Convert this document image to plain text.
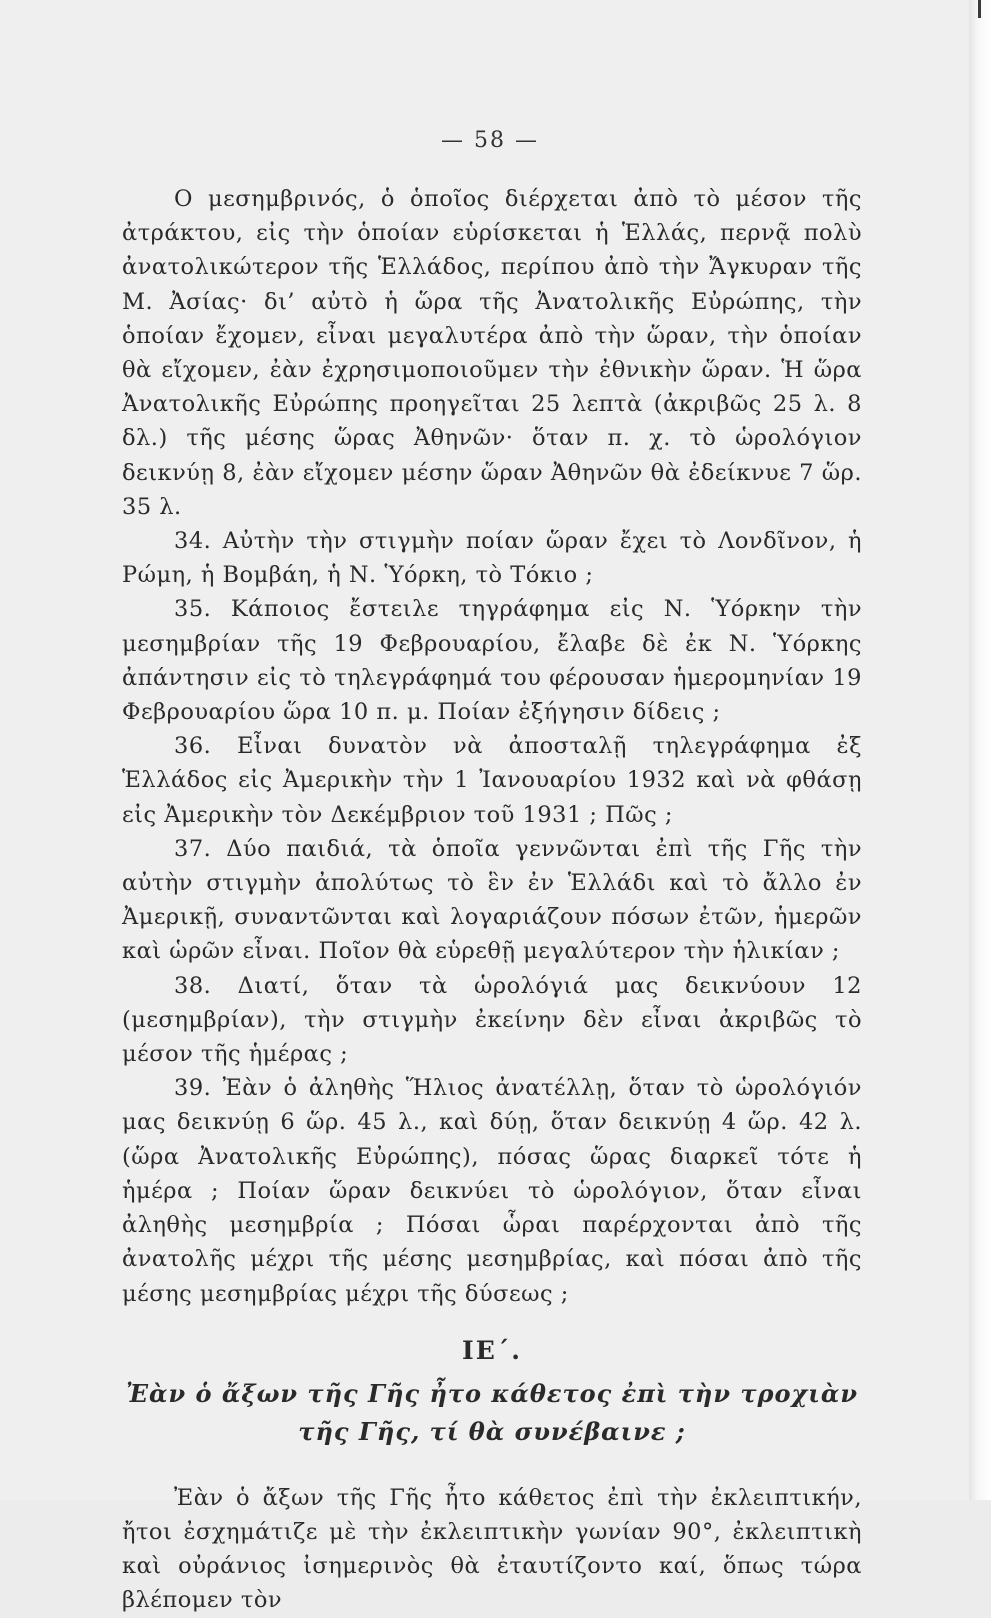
— 58 —

Ο μεσημβρινός, ὁ ὁποῖος διέρχεται ἀπὸ τὸ μέσον τῆς ἀτράκτου, εἰς τὴν ὁποίαν εὑρίσκεται ἡ Ἑλλάς, περνᾷ πολὺ ἀνατολικώτερον τῆς Ἑλλάδος, περίπου ἀπὸ τὴν Ἄγκυραν τῆς Μ. Ἀσίας· δι’ αὐτὸ ἡ ὥρα τῆς Ἀνατολικῆς Εὐρώπης, τὴν ὁποίαν ἔχομεν, εἶναι μεγαλυτέρα ἀπὸ τὴν ὥραν, τὴν ὁποίαν θὰ εἴχομεν, ἐὰν ἐχρησιμοποιοῦμεν τὴν ἐθνικὴν ὥραν. Ἡ ὥρα Ἀνατολικῆς Εὐρώπης προηγεῖται 25 λεπτὰ (ἀκριβῶς 25 λ. 8 δλ.) τῆς μέσης ὥρας Ἀθηνῶν· ὅταν π. χ. τὸ ὡρολόγιον δεικνύῃ 8, ἐὰν εἴχομεν μέσην ὥραν Ἀθηνῶν θὰ ἐδείκνυε 7 ὥρ. 35 λ.

34. Αὐτὴν τὴν στιγμὴν ποίαν ὥραν ἔχει τὸ Λονδῖνον, ἡ Ρώμη, ἡ Βομβάη, ἡ Ν. Ὑόρκη, τὸ Τόκιο ;

35. Κάποιος ἔστειλε τηγράφημα εἰς Ν. Ὑόρκην τὴν μεσημβρίαν τῆς 19 Φεβρουαρίου, ἔλαβε δὲ ἐκ Ν. Ὑόρκης ἀπάντησιν εἰς τὸ τηλεγράφημά του φέρουσαν ἡμερομηνίαν 19 Φεβρουαρίου ὥρα 10 π. μ. Ποίαν ἐξήγησιν δίδεις ;

36. Εἶναι δυνατὸν νὰ ἀποσταλῇ τηλεγράφημα ἐξ Ἑλλάδος εἰς Ἀμερικὴν τὴν 1 Ἰανουαρίου 1932 καὶ νὰ φθάσῃ εἰς Ἀμερικὴν τὸν Δεκέμβριον τοῦ 1931 ; Πῶς ;

37. Δύο παιδιά, τὰ ὁποῖα γεννῶνται ἐπὶ τῆς Γῆς τὴν αὐτὴν στιγμὴν ἀπολύτως τὸ ἓν ἐν Ἑλλάδι καὶ τὸ ἄλλο ἐν Ἀμερικῇ, συναντῶνται καὶ λογαριάζουν πόσων ἐτῶν, ἡμερῶν καὶ ὡρῶν εἶναι. Ποῖον θὰ εὑρεθῇ μεγαλύτερον τὴν ἡλικίαν ;

38. Διατί, ὅταν τὰ ὡρολόγιά μας δεικνύουν 12 (μεσημβρίαν), τὴν στιγμὴν ἐκείνην δὲν εἶναι ἀκριβῶς τὸ μέσον τῆς ἡμέρας ;

39. Ἐὰν ὁ ἀληθὴς Ἥλιος ἀνατέλλῃ, ὅταν τὸ ὡρολόγιόν μας δεικνύῃ 6 ὥρ. 45 λ., καὶ δύῃ, ὅταν δεικνύῃ 4 ὥρ. 42 λ. (ὥρα Ἀνατολικῆς Εὐρώπης), πόσας ὥρας διαρκεῖ τότε ἡ ἡμέρα ; Ποίαν ὥραν δεικνύει τὸ ὡρολόγιον, ὅταν εἶναι ἀληθὴς μεσημβρία ; Πόσαι ὧραι παρέρχονται ἀπὸ τῆς ἀνατολῆς μέχρι τῆς μέσης μεσημβρίας, καὶ πόσαι ἀπὸ τῆς μέσης μεσημβρίας μέχρι τῆς δύσεως ;

ΙΕ΄.
Ἐὰν ὁ ἄξων τῆς Γῆς ἦτο κάθετος ἐπὶ τὴν τροχιὰν τῆς Γῆς, τί θὰ συνέβαινε ;

Ἐὰν ὁ ἄξων τῆς Γῆς ἦτο κάθετος ἐπὶ τὴν ἐκλειπτικήν, ἤτοι ἐσχημάτιζε μὲ τὴν ἐκλειπτικὴν γωνίαν 90°, ἐκλειπτικὴ καὶ οὐράνιος ἰσημερινὸς θὰ ἐταυτίζοντο καί, ὅπως τώρα βλέπομεν τὸν
